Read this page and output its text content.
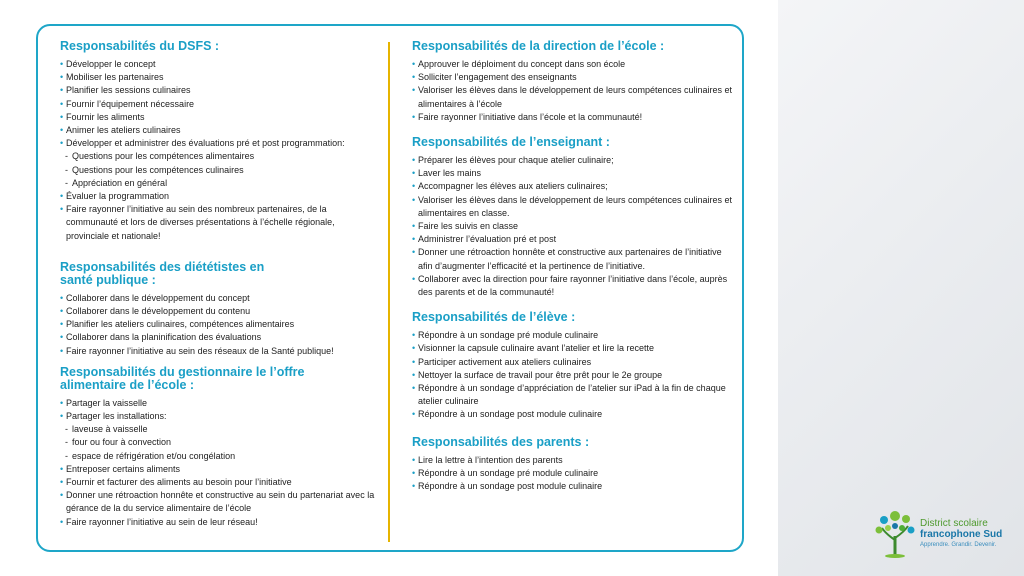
Responsabilités du DSFS :
• Développer le concept
• Mobiliser les partenaires
• Planifier les sessions culinaires
• Fournir l’équipement nécessaire
• Fournir les aliments
• Animer les ateliers culinaires
• Développer et administrer des évaluations pré et post programmation:
- Questions pour les compétences alimentaires
- Questions pour les compétences culinaires
- Appréciation en général
• Évaluer la programmation
• Faire rayonner l’initiative au sein des nombreux partenaires, de la communauté et lors de diverses présentations à l’échelle régionale, provinciale et nationale!
Responsabilités des diététistes en santé publique :
• Collaborer dans le développement du concept
• Collaborer dans le développement du contenu
• Planifier les ateliers culinaires, compétences alimentaires
• Collaborer dans la planinification des évaluations
• Faire rayonner l’initiative au sein des réseaux de la Santé publique!
Responsabilités du gestionnaire le l’offre alimentaire de l’école :
• Partager la vaisselle
• Partager les installations:
- laveuse à vaisselle
- four ou four à convection
- espace de réfrigération et/ou congélation
• Entreposer certains aliments
• Fournir et facturer des aliments au besoin pour l’initiative
• Donner une rétroaction honnête et constructive au sein du partenariat avec la gérance de la du service alimentaire de l’école
• Faire rayonner l’initiative au sein de leur réseau!
Responsabilités de la direction de l’école :
• Approuver le déploiment du concept dans son école
• Solliciter l’engagement des enseignants
• Valoriser les élèves dans le développement de leurs compétences culinaires et alimentaires à l’école
• Faire rayonner l’initiative dans l’école et la communauté!
Responsabilités de l’enseignant :
• Préparer les élèves pour chaque atelier culinaire;
• Laver les mains
• Accompagner les élèves aux ateliers culinaires;
• Valoriser les élèves dans le développement de leurs compétences culinaires et alimentaires en classe.
• Faire les suivis en classe
• Administrer l’évaluation pré et post
• Donner une rétroaction honnête et constructive aux partenaires de l’initiative afin d’augmenter l’efficacité et la pertinence de l’initiative.
• Collaborer avec la direction pour faire rayonner l’initiative dans l’école, auprès des parents et de la communauté!
Responsabilités de l’élève :
• Répondre à un sondage pré module culinaire
• Visionner la capsule culinaire avant l’atelier et lire la recette
• Participer activement aux ateliers culinaires
• Nettoyer la surface de travail pour être prêt pour le 2e groupe
• Répondre à un sondage d’appréciation de l’atelier sur iPad à la fin de chaque atelier culinaire
• Répondre à un sondage post module culinaire
Responsabilités des parents :
• Lire la lettre à l’intention des parents
• Répondre à un sondage pré module culinaire
• Répondre à un sondage post module culinaire
District scolaire
francophone Sud
Apprendre. Grandir. Devenir.
